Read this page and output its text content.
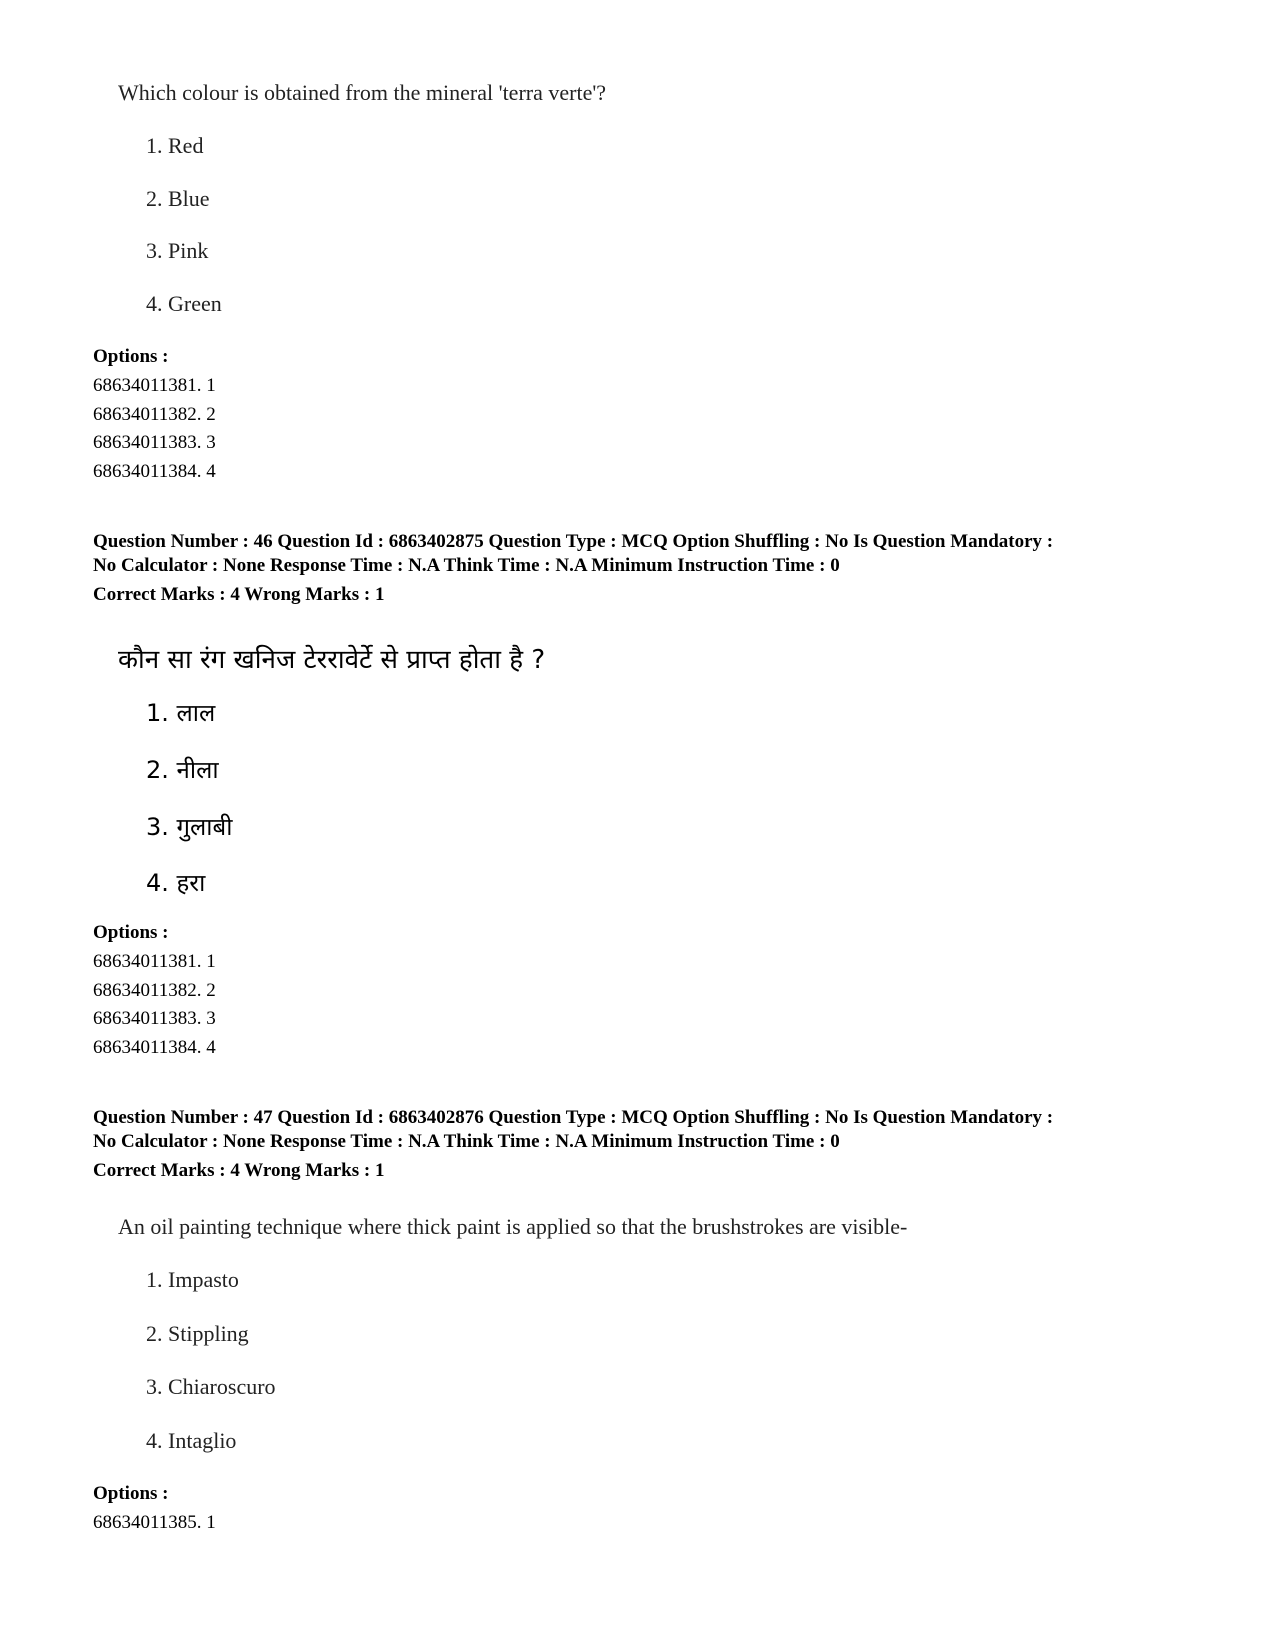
Which colour is obtained from the mineral 'terra verte'?
1. Red
2. Blue
3. Pink
4. Green
Options :
68634011381. 1
68634011382. 2
68634011383. 3
68634011384. 4
Question Number : 46 Question Id : 6863402875 Question Type : MCQ Option Shuffling : No Is Question Mandatory :
No Calculator : None Response Time : N.A Think Time : N.A Minimum Instruction Time : 0
Correct Marks : 4 Wrong Marks : 1
कौन सा रंग खनिज टेररावेर्टे से प्राप्त होता है ?
1. लाल
2. नीला
3. गुलाबी
4. हरा
Options :
68634011381. 1
68634011382. 2
68634011383. 3
68634011384. 4
Question Number : 47 Question Id : 6863402876 Question Type : MCQ Option Shuffling : No Is Question Mandatory :
No Calculator : None Response Time : N.A Think Time : N.A Minimum Instruction Time : 0
Correct Marks : 4 Wrong Marks : 1
An oil painting technique where thick paint is applied so that the brushstrokes are visible-
1. Impasto
2. Stippling
3. Chiaroscuro
4. Intaglio
Options :
68634011385. 1
